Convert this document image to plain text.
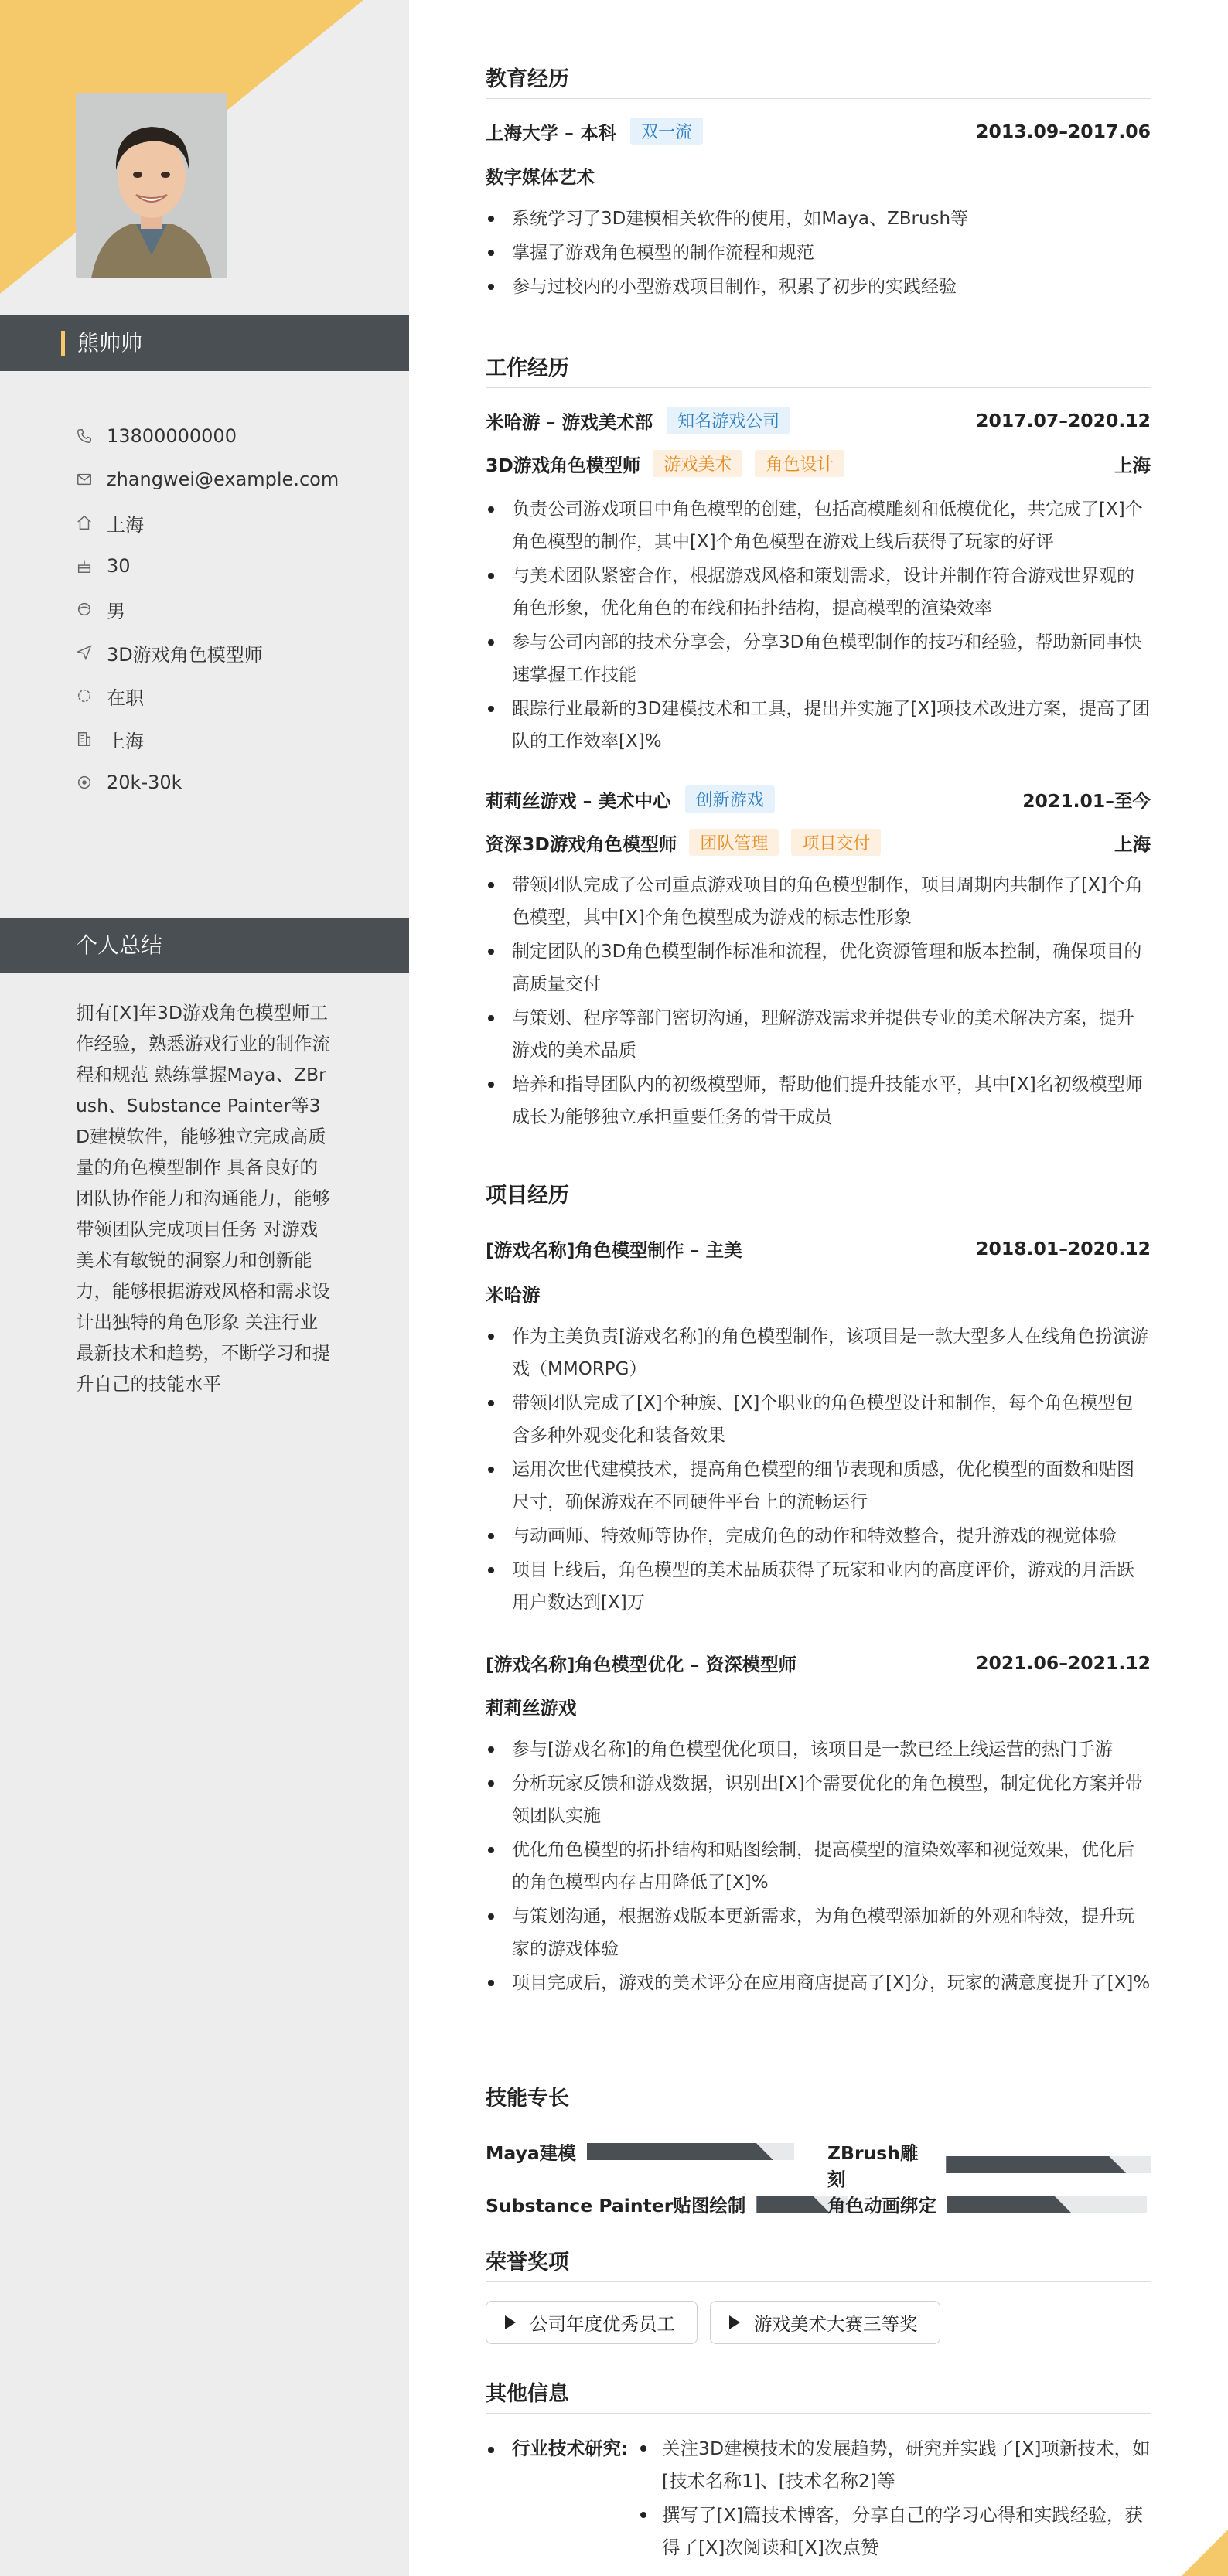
熊帅帅
13800000000
zhangwei@example.com
上海
30
男
3D游戏角色模型师
在职
上海
20k-30k
个人总结
拥有[X]年3D游戏角色模型师工作经验，熟悉游戏行业的制作流程和规范 熟练掌握Maya、ZBrush、Substance Painter等3D建模软件，能够独立完成高质量的角色模型制作 具备良好的团队协作能力和沟通能力，能够带领团队完成项目任务 对游戏美术有敏锐的洞察力和创新能力，能够根据游戏风格和需求设计出独特的角色形象 关注行业最新技术和趋势，不断学习和提升自己的技能水平
教育经历
上海大学 – 本科	双一流	2013.09–2017.06
数字媒体艺术
系统学习了3D建模相关软件的使用，如Maya、ZBrush等
掌握了游戏角色模型的制作流程和规范
参与过校内的小型游戏项目制作，积累了初步的实践经验
工作经历
米哈游 – 游戏美术部	知名游戏公司	2017.07–2020.12
3D游戏角色模型师	游戏美术	角色设计	上海
负责公司游戏项目中角色模型的创建，包括高模雕刻和低模优化，共完成了[X]个角色模型的制作，其中[X]个角色模型在游戏上线后获得了玩家的好评
与美术团队紧密合作，根据游戏风格和策划需求，设计并制作符合游戏世界观的角色形象，优化角色的布线和拓扑结构，提高模型的渲染效率
参与公司内部的技术分享会，分享3D角色模型制作的技巧和经验，帮助新同事快速掌握工作技能
跟踪行业最新的3D建模技术和工具，提出并实施了[X]项技术改进方案，提高了团队的工作效率[X]%
莉莉丝游戏 – 美术中心	创新游戏	2021.01–至今
资深3D游戏角色模型师	团队管理	项目交付	上海
带领团队完成了公司重点游戏项目的角色模型制作，项目周期内共制作了[X]个角色模型，其中[X]个角色模型成为游戏的标志性形象
制定团队的3D角色模型制作标准和流程，优化资源管理和版本控制，确保项目的高质量交付
与策划、程序等部门密切沟通，理解游戏需求并提供专业的美术解决方案，提升游戏的美术品质
培养和指导团队内的初级模型师，帮助他们提升技能水平，其中[X]名初级模型师成长为能够独立承担重要任务的骨干成员
项目经历
[游戏名称]角色模型制作 – 主美	2018.01–2020.12
米哈游
作为主美负责[游戏名称]的角色模型制作，该项目是一款大型多人在线角色扮演游戏（MMORPG）
带领团队完成了[X]个种族、[X]个职业的角色模型设计和制作，每个角色模型包含多种外观变化和装备效果
运用次世代建模技术，提高角色模型的细节表现和质感，优化模型的面数和贴图尺寸，确保游戏在不同硬件平台上的流畅运行
与动画师、特效师等协作，完成角色的动作和特效整合，提升游戏的视觉体验
项目上线后，角色模型的美术品质获得了玩家和业内的高度评价，游戏的月活跃用户数达到[X]万
[游戏名称]角色模型优化 – 资深模型师	2021.06–2021.12
莉莉丝游戏
参与[游戏名称]的角色模型优化项目，该项目是一款已经上线运营的热门手游
分析玩家反馈和游戏数据，识别出[X]个需要优化的角色模型，制定优化方案并带领团队实施
优化角色模型的拓扑结构和贴图绘制，提高模型的渲染效率和视觉效果，优化后的角色模型内存占用降低了[X]%
与策划沟通，根据游戏版本更新需求，为角色模型添加新的外观和特效，提升玩家的游戏体验
项目完成后，游戏的美术评分在应用商店提高了[X]分，玩家的满意度提升了[X]%
技能专长
Maya建模	ZBrush雕刻
Substance Painter贴图绘制	角色动画绑定
荣誉奖项
公司年度优秀员工	游戏美术大赛三等奖
其他信息
行业技术研究:	关注3D建模技术的发展趋势，研究并实践了[X]项新技术，如[技术名称1]、[技术名称2]等
撰写了[X]篇技术博客，分享自己的学习心得和实践经验，获得了[X]次阅读和[X]次点赞
